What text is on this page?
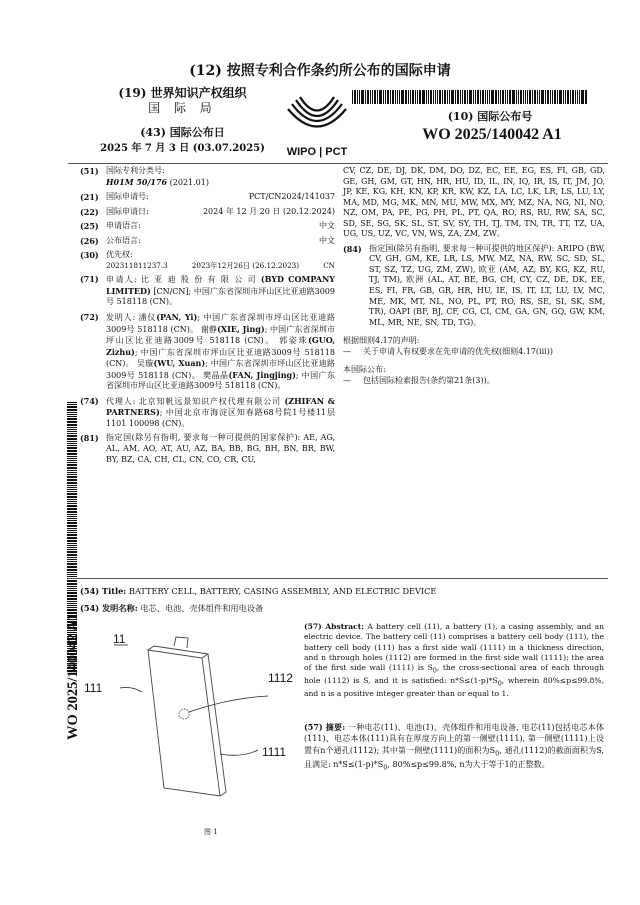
(12) 按照专利合作条约所公布的国际申请
(19) 世界知识产权组织
国 际 局
(43) 国际公布日
2025 年 7 月 3 日 (03.07.2025) WIPO | PCT
(10) 国际公布号
WO 2025/140042 A1
(51) 国际专利分类号:
H01M 50/176 (2021.01)
(21) 国际申请号:	PCT/CN2024/141037
(22) 国际申请日:	2024 年 12 月 20 日 (20.12.2024)
(25) 申请语言:	中文
(26) 公布语言:	中文
(30) 优先权:
202311811237.3	2023年12月26日 (26.12.2023)	CN
(71) 申请人: 比 亚 迪 股 份 有 限 公 司 (BYD COMPANY LIMITED) [CN/CN]; 中国广东省深圳市坪山区比亚迪路3009号 518118 (CN)。
(72) 发明人: 潘仪(PAN, Yi); 中国广东省深圳市坪山区比亚迪路3009号 518118 (CN)。 谢静(XIE, Jing); 中国广东省深圳市坪山区比亚迪路3009号 518118 (CN)。 郭姿珠(GUO, Zizhu); 中国广东省深圳市坪山区比亚迪路3009号 518118 (CN)。 吴璇(WU, Xuan); 中国广东省深圳市坪山区比亚迪路3009号 518118 (CN)。 樊晶晶(FAN, Jingjing); 中国广东省深圳市坪山区比亚迪路3009号 518118 (CN)。
(74) 代理人: 北京知帆远景知识产权代理有限公司 (ZHIFAN & PARTNERS); 中国北京市海淀区知春路68号院1号楼11层1101 100098 (CN)。
(81) 指定国(除另有指明, 要求每一种可提供的国家保护): AE, AG, AL, AM, AO, AT, AU, AZ, BA, BB, BG, BH, BN, BR, BW, BY, BZ, CA, CH, CL, CN, CO, CR, CU,
CV, CZ, DE, DJ, DK, DM, DO, DZ, EC, EE, EG, ES, FI, GB, GD, GE, GH, GM, GT, HN, HR, HU, ID, IL, IN, IQ, IR, IS, IT, JM, JO, JP, KE, KG, KH, KN, KP, KR, KW, KZ, LA, LC, LK, LR, LS, LU, LY, MA, MD, MG, MK, MN, MU, MW, MX, MY, MZ, NA, NG, NI, NO, NZ, OM, PA, PE, PG, PH, PL, PT, QA, RO, RS, RU, RW, SA, SC, SD, SE, SG, SK, SL, ST, SV, SY, TH, TJ, TM, TN, TR, TT, TZ, UA, UG, US, UZ, VC, VN, WS, ZA, ZM, ZW。
(84) 指定国(除另有指明, 要求每一种可提供的地区保护): ARIPO (BW, CV, GH, GM, KE, LR, LS, MW, MZ, NA, RW, SC, SD, SL, ST, SZ, TZ, UG, ZM, ZW), 欧亚 (AM, AZ, BY, KG, KZ, RU, TJ, TM), 欧洲 (AL, AT, BE, BG, CH, CY, CZ, DE, DK, EE, ES, FI, FR, GB, GR, HR, HU, IE, IS, IT, LT, LU, LV, MC, ME, MK, MT, NL, NO, PL, PT, RO, RS, SE, SI, SK, SM, TR), OAPI (BF, BJ, CF, CG, CI, CM, GA, GN, GQ, GW, KM, ML, MR, NE, SN, TD, TG)。
根据细则4.17的声明:
—	关于申请人有权要求在先申请的优先权(细则4.17(iii))
本国际公布:
—	包括国际检索报告(条约第21条(3))。
WO 2025/140042 A1
(54) Title: BATTERY CELL, BATTERY, CASING ASSEMBLY, AND ELECTRIC DEVICE
(54) 发明名称: 电芯、电池、壳体组件和用电设备
11
111
1112
1111
图 1
(57) Abstract: A battery cell (11), a battery (1), a casing assembly, and an electric device. The battery cell (11) comprises a battery cell body (111), the battery cell body (111) has a first side wall (1111) in a thickness direction, and n through holes (1112) are formed in the first side wall (1111); the area of the first side wall (1111) is $S_0$, the cross-sectional area of each through hole (1112) is S, and it is satisfied: $n*S\le(1-p)*S_0$, wherein 80%≤p≤99.8%, and n is a positive integer greater than or equal to 1.
(57) 摘要: 一种电芯(11)、电池(1)、壳体组件和用电设备, 电芯(11)包括电芯本体(111)、电芯本体(111)具有在厚度方向上的第一侧壁(1111), 第一侧壁(1111)上设置有n个通孔(1112); 其中第一侧壁(1111)的面积为$S_0$, 通孔(1112)的截面面积为S, 且满足: $n*S\le(1-p)*S_0$, 80%≤p≤99.8%, n为大于等于1的正整数。
